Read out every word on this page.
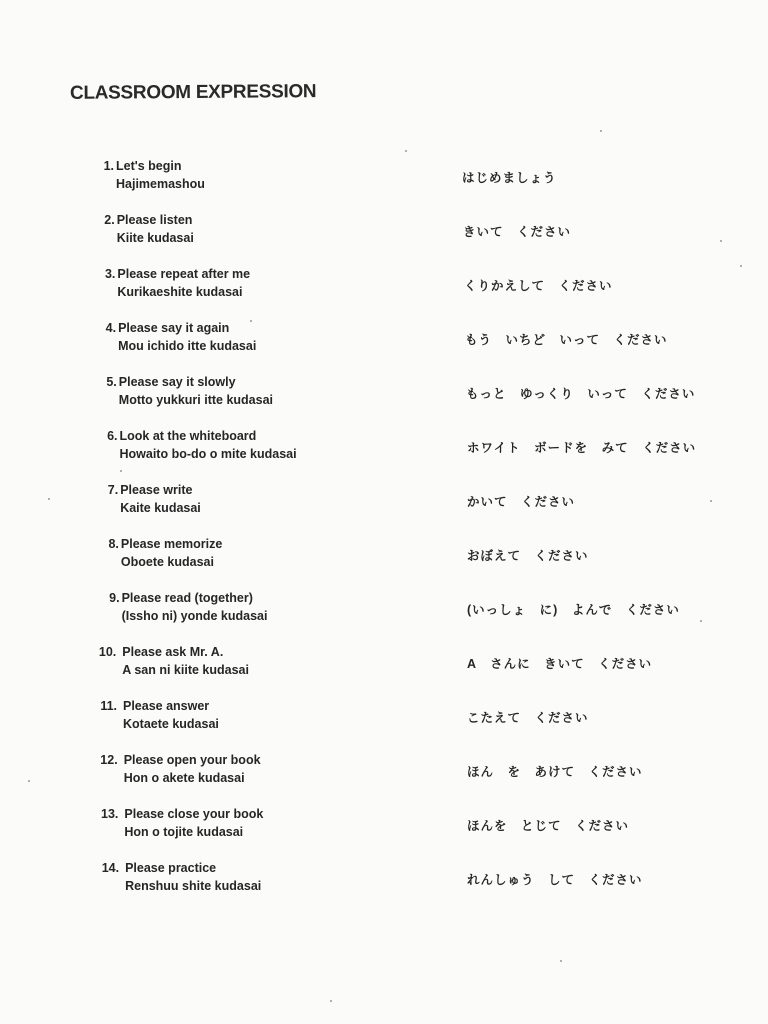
CLASSROOM EXPRESSION
1. Let's begin
Hajimemashou	はじめましょう
2. Please listen
Kiite kudasai	きいて　ください
3. Please repeat after me
Kurikaeshite kudasai	くりかえして　ください
4. Please say it again
Mou ichido itte kudasai	もう　いちど　いって　ください
5. Please say it slowly
Motto yukkuri itte kudasai	もっと　ゆっくり　いって　ください
6. Look at the whiteboard
Howaito bo-do o mite kudasai	ホワイト　ボードを　みて　ください
7. Please write
Kaite kudasai	かいて　ください
8. Please memorize
Oboete kudasai	おぼえて　ください
9. Please read (together)
(Issho ni) yonde kudasai	(いっしょ　に)　よんで　ください
10. Please ask Mr. A.
A san ni kiite kudasai	A　さんに　きいて　ください
11. Please answer
Kotaete kudasai	こたえて　ください
12. Please open your book
Hon o akete kudasai	ほん　を　あけて　ください
13. Please close your book
Hon o tojite kudasai	ほんを　とじて　ください
14. Please practice
Renshuu shite kudasai	れんしゅう　して　ください
